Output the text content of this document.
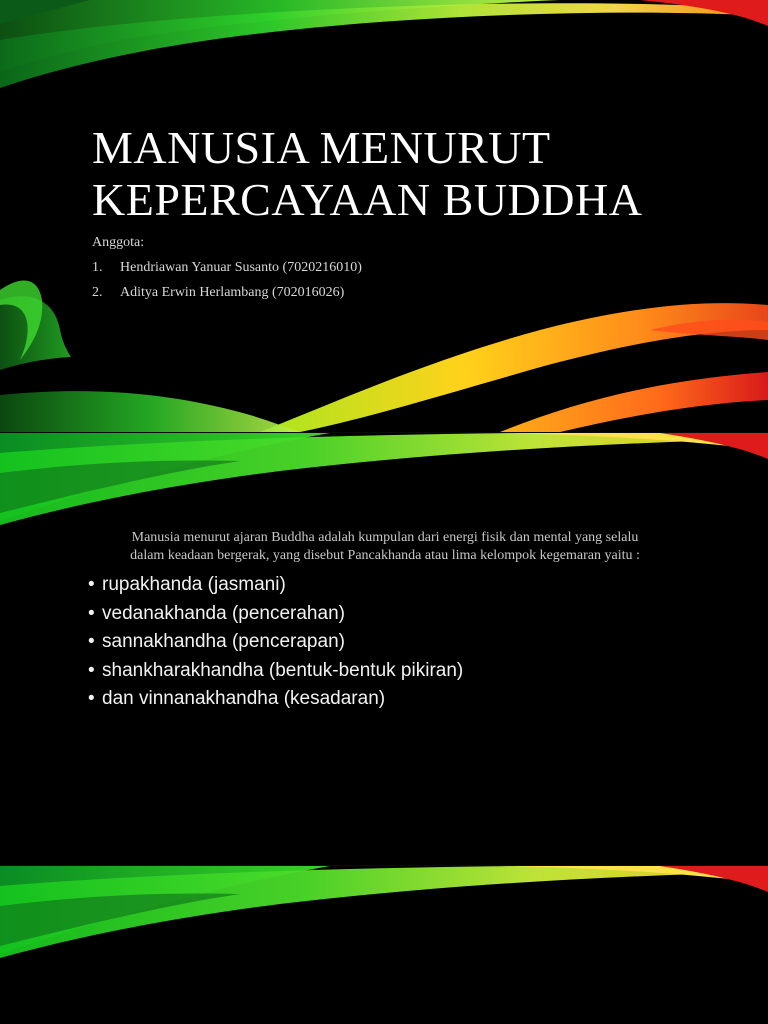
MANUSIA MENURUT
KEPERCAYAAN BUDDHA
Anggota:
1.	Hendriawan Yanuar Susanto (7020216010)
2.	Aditya Erwin Herlambang (702016026)
Manusia menurut ajaran Buddha adalah kumpulan dari energi fisik dan mental yang selalu
dalam keadaan bergerak, yang disebut Pancakhanda atau lima kelompok kegemaran yaitu :
• rupakhanda (jasmani)
• vedanakhanda (pencerahan)
• sannakhandha (pencerapan)
• shankharakhandha (bentuk-bentuk pikiran)
• dan vinnanakhandha (kesadaran)
